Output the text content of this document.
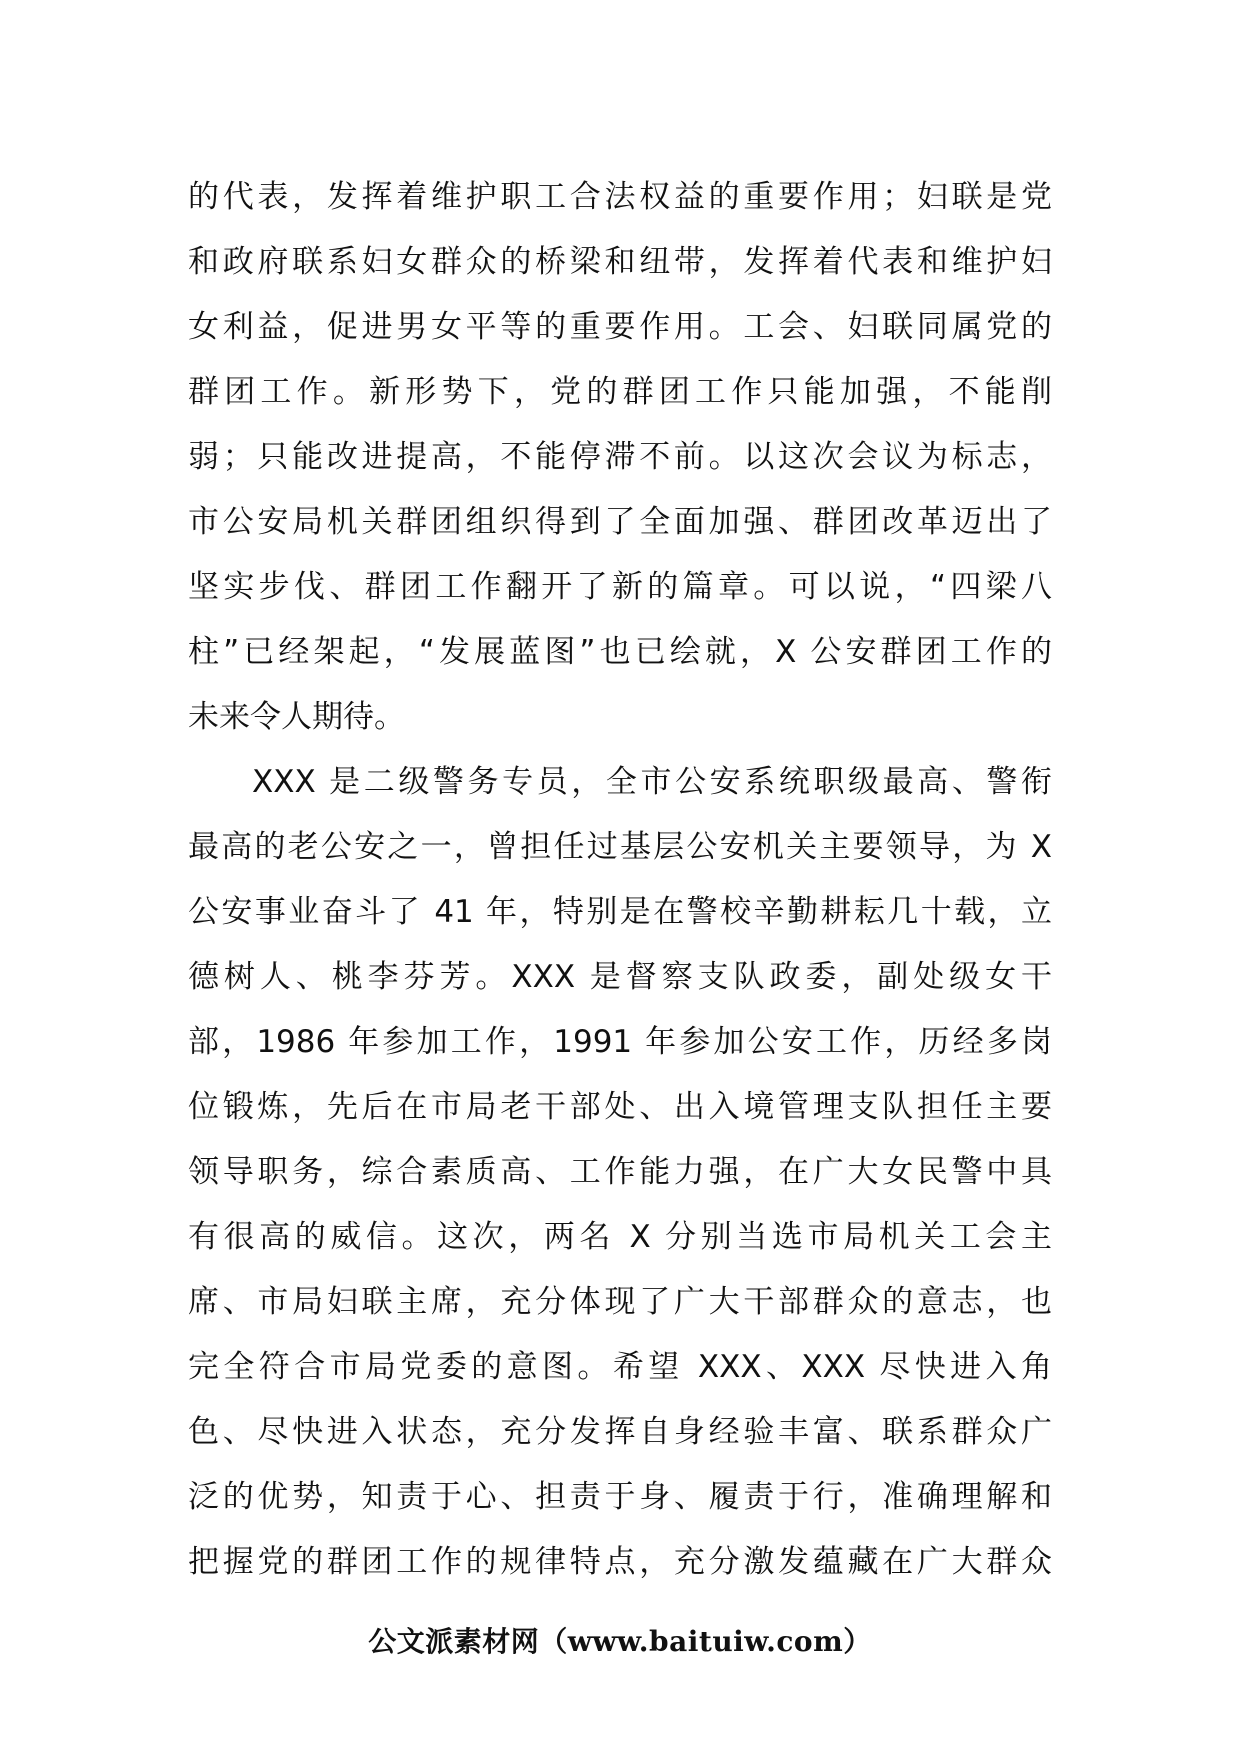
的代表，发挥着维护职工合法权益的重要作用；妇联是党
和政府联系妇女群众的桥梁和纽带，发挥着代表和维护妇
女利益，促进男女平等的重要作用。工会、妇联同属党的
群团工作。新形势下，党的群团工作只能加强，不能削
弱；只能改进提高，不能停滞不前。以这次会议为标志，
市公安局机关群团组织得到了全面加强、群团改革迈出了
坚实步伐、群团工作翻开了新的篇章。可以说，“四梁八
柱”已经架起，“发展蓝图”也已绘就，X 公安群团工作的
未来令人期待。
XXX 是二级警务专员，全市公安系统职级最高、警衔
最高的老公安之一，曾担任过基层公安机关主要领导，为 X
公安事业奋斗了 41 年，特别是在警校辛勤耕耘几十载，立
德树人、桃李芬芳。XXX 是督察支队政委，副处级女干
部，1986 年参加工作，1991 年参加公安工作，历经多岗
位锻炼，先后在市局老干部处、出入境管理支队担任主要
领导职务，综合素质高、工作能力强，在广大女民警中具
有很高的威信。这次，两名 X 分别当选市局机关工会主
席、市局妇联主席，充分体现了广大干部群众的意志，也
完全符合市局党委的意图。希望 XXX、XXX 尽快进入角
色、尽快进入状态，充分发挥自身经验丰富、联系群众广
泛的优势，知责于心、担责于身、履责于行，准确理解和
把握党的群团工作的规律特点，充分激发蕴藏在广大群众
公文派素材网（www.baituiw.com）
